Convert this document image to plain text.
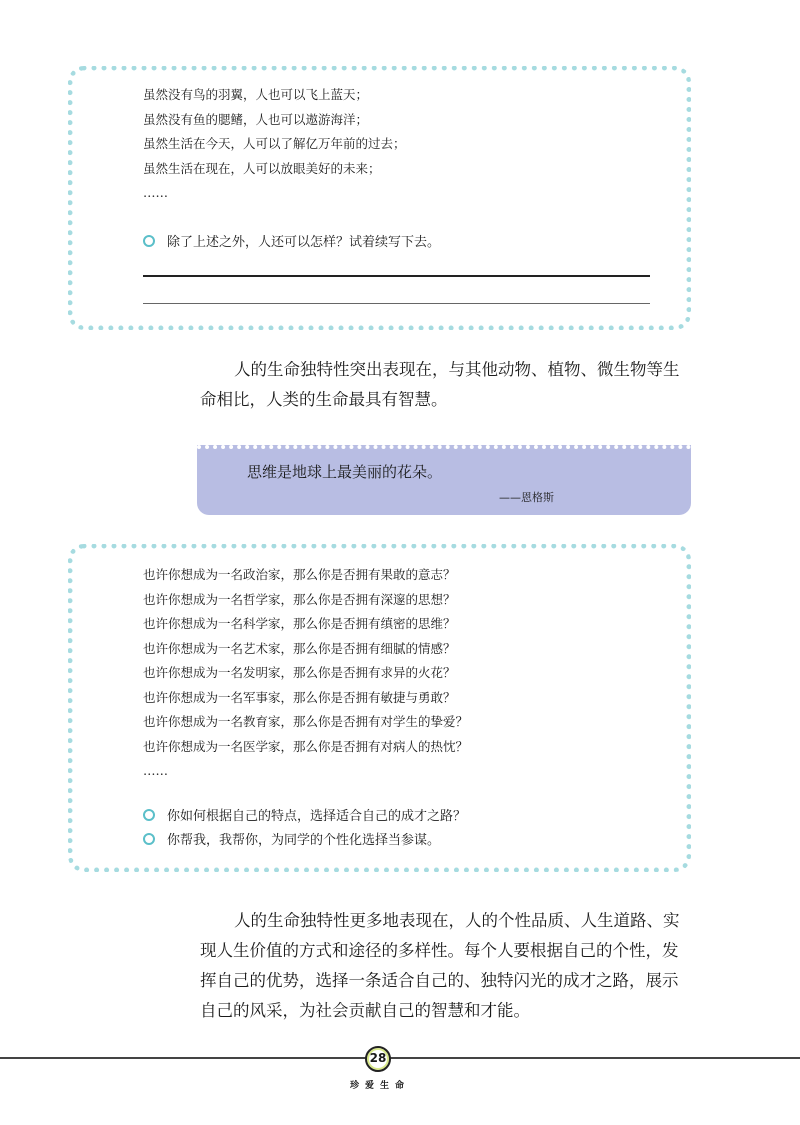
虽然没有鸟的羽翼，人也可以飞上蓝天；
虽然没有鱼的腮鳍，人也可以遨游海洋；
虽然生活在今天，人可以了解亿万年前的过去；
虽然生活在现在，人可以放眼美好的未来；
……
除了上述之外，人还可以怎样？试着续写下去。
人的生命独特性突出表现在，与其他动物、植物、微生物等生命相比，人类的生命最具有智慧。
思维是地球上最美丽的花朵。
——恩格斯
也许你想成为一名政治家，那么你是否拥有果敢的意志？
也许你想成为一名哲学家，那么你是否拥有深邃的思想？
也许你想成为一名科学家，那么你是否拥有缜密的思维？
也许你想成为一名艺术家，那么你是否拥有细腻的情感？
也许你想成为一名发明家，那么你是否拥有求异的火花？
也许你想成为一名军事家，那么你是否拥有敏捷与勇敢？
也许你想成为一名教育家，那么你是否拥有对学生的挚爱？
也许你想成为一名医学家，那么你是否拥有对病人的热忱？
……
你如何根据自己的特点，选择适合自己的成才之路？
你帮我，我帮你，为同学的个性化选择当参谋。
人的生命独特性更多地表现在，人的个性品质、人生道路、实现人生价值的方式和途径的多样性。每个人要根据自己的个性，发挥自己的优势，选择一条适合自己的、独特闪光的成才之路，展示自己的风采，为社会贡献自己的智慧和才能。
28
珍爱生命
